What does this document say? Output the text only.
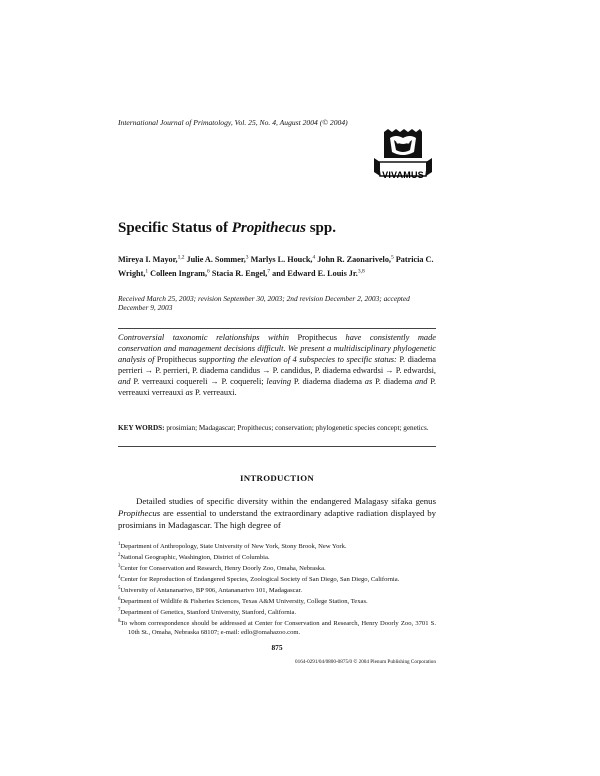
International Journal of Primatology, Vol. 25, No. 4, August 2004 (© 2004)
VIVAMUS
Specific Status of Propithecus spp.
Mireya I. Mayor,$^{1,2}$ Julie A. Sommer,$^3$ Marlys L. Houck,$^4$ John R. Zaonarivelo,$^5$ Patricia C. Wright,$^1$ Colleen Ingram,$^6$ Stacia R. Engel,$^7$ and Edward E. Louis Jr.$^{3,8}$
Received March 25, 2003; revision September 30, 2003; 2nd revision December 2, 2003; accepted December 9, 2003
Controversial taxonomic relationships within Propithecus have consistently made conservation and management decisions difficult. We present a multidisciplinary phylogenetic analysis of Propithecus supporting the elevation of 4 subspecies to specific status: P. diadema perrieri → P. perrieri, P. diadema candidus → P. candidus, P. diadema edwardsi → P. edwardsi, and P. verreauxi coquereli → P. coquereli; leaving P. diadema diadema as P. diadema and P. verreauxi verreauxi as P. verreauxi.
KEY WORDS: prosimian; Madagascar; Propithecus; conservation; phylogenetic species concept; genetics.
INTRODUCTION
Detailed studies of specific diversity within the endangered Malagasy sifaka genus Propithecus are essential to understand the extraordinary adaptive radiation displayed by prosimians in Madagascar. The high degree of
$^1$Department of Anthropology, State University of New York, Stony Brook, New York.
$^2$National Geographic, Washington, District of Columbia.
$^3$Center for Conservation and Research, Henry Doorly Zoo, Omaha, Nebraska.
$^4$Center for Reproduction of Endangered Species, Zoological Society of San Diego, San Diego, California.
$^5$University of Antananarivo, BP 906, Antananarivo 101, Madagascar.
$^6$Department of Wildlife & Fisheries Sciences, Texas A&M University, College Station, Texas.
$^7$Department of Genetics, Stanford University, Stanford, California.
$^8$To whom correspondence should be addressed at Center for Conservation and Research, Henry Doorly Zoo, 3701 S. 10th St., Omaha, Nebraska 68107; e-mail: edlo@omahazoo.com.
875
0164-0291/04/0800-0875/0 © 2004 Plenum Publishing Corporation
